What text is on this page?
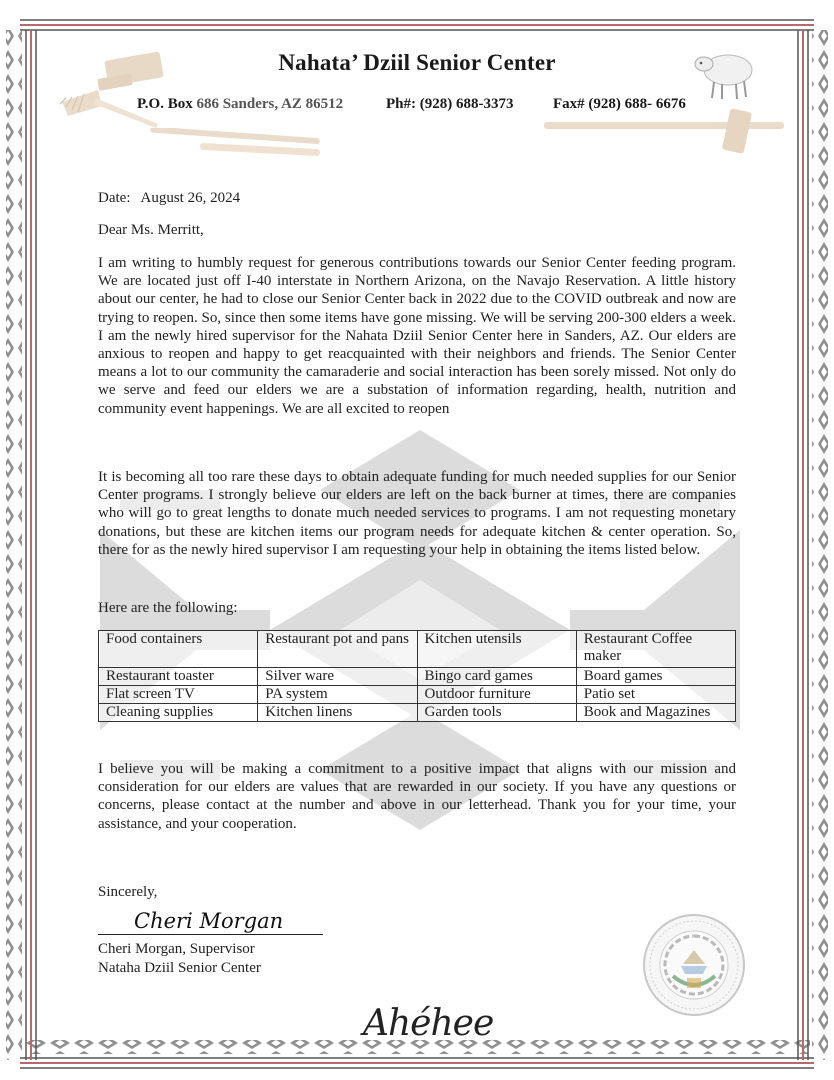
Nahata’ Dziil Senior Center
P.O. Box 686 Sanders, AZ 86512	Ph#: (928) 688-3373	Fax# (928) 688- 6676
Date: August 26, 2024
Dear Ms. Merritt,

I am writing to humbly request for generous contributions towards our Senior Center feeding program. We are located just off I-40 interstate in Northern Arizona, on the Navajo Reservation. A little history about our center, he had to close our Senior Center back in 2022 due to the COVID outbreak and now are trying to reopen. So, since then some items have gone missing. We will be serving 200-300 elders a week. I am the newly hired supervisor for the Nahata Dziil Senior Center here in Sanders, AZ. Our elders are anxious to reopen and happy to get reacquainted with their neighbors and friends. The Senior Center means a lot to our community the camaraderie and social interaction has been sorely missed. Not only do we serve and feed our elders we are a substation of information regarding, health, nutrition and community event happenings. We are all excited to reopen

It is becoming all too rare these days to obtain adequate funding for much needed supplies for our Senior Center programs. I strongly believe our elders are left on the back burner at times, there are companies who will go to great lengths to donate much needed services to programs. I am not requesting monetary donations, but these are kitchen items our program needs for adequate kitchen & center operation. So, there for as the newly hired supervisor I am requesting your help in obtaining the items listed below.

Here are the following:
Food containers	Restaurant pot and pans	Kitchen utensils	Restaurant Coffee maker
Restaurant toaster	Silver ware	Bingo card games	Board games
Flat screen TV	PA system	Outdoor furniture	Patio set
Cleaning supplies	Kitchen linens	Garden tools	Book and Magazines

I believe you will be making a commitment to a positive impact that aligns with our mission and consideration for our elders are values that are rewarded in our society. If you have any questions or concerns, please contact at the number and above in our letterhead. Thank you for your time, your assistance, and your cooperation.

Sincerely,
Cheri Morgan
Cheri Morgan, Supervisor
Nataha Dziil Senior Center
Ahéhee
